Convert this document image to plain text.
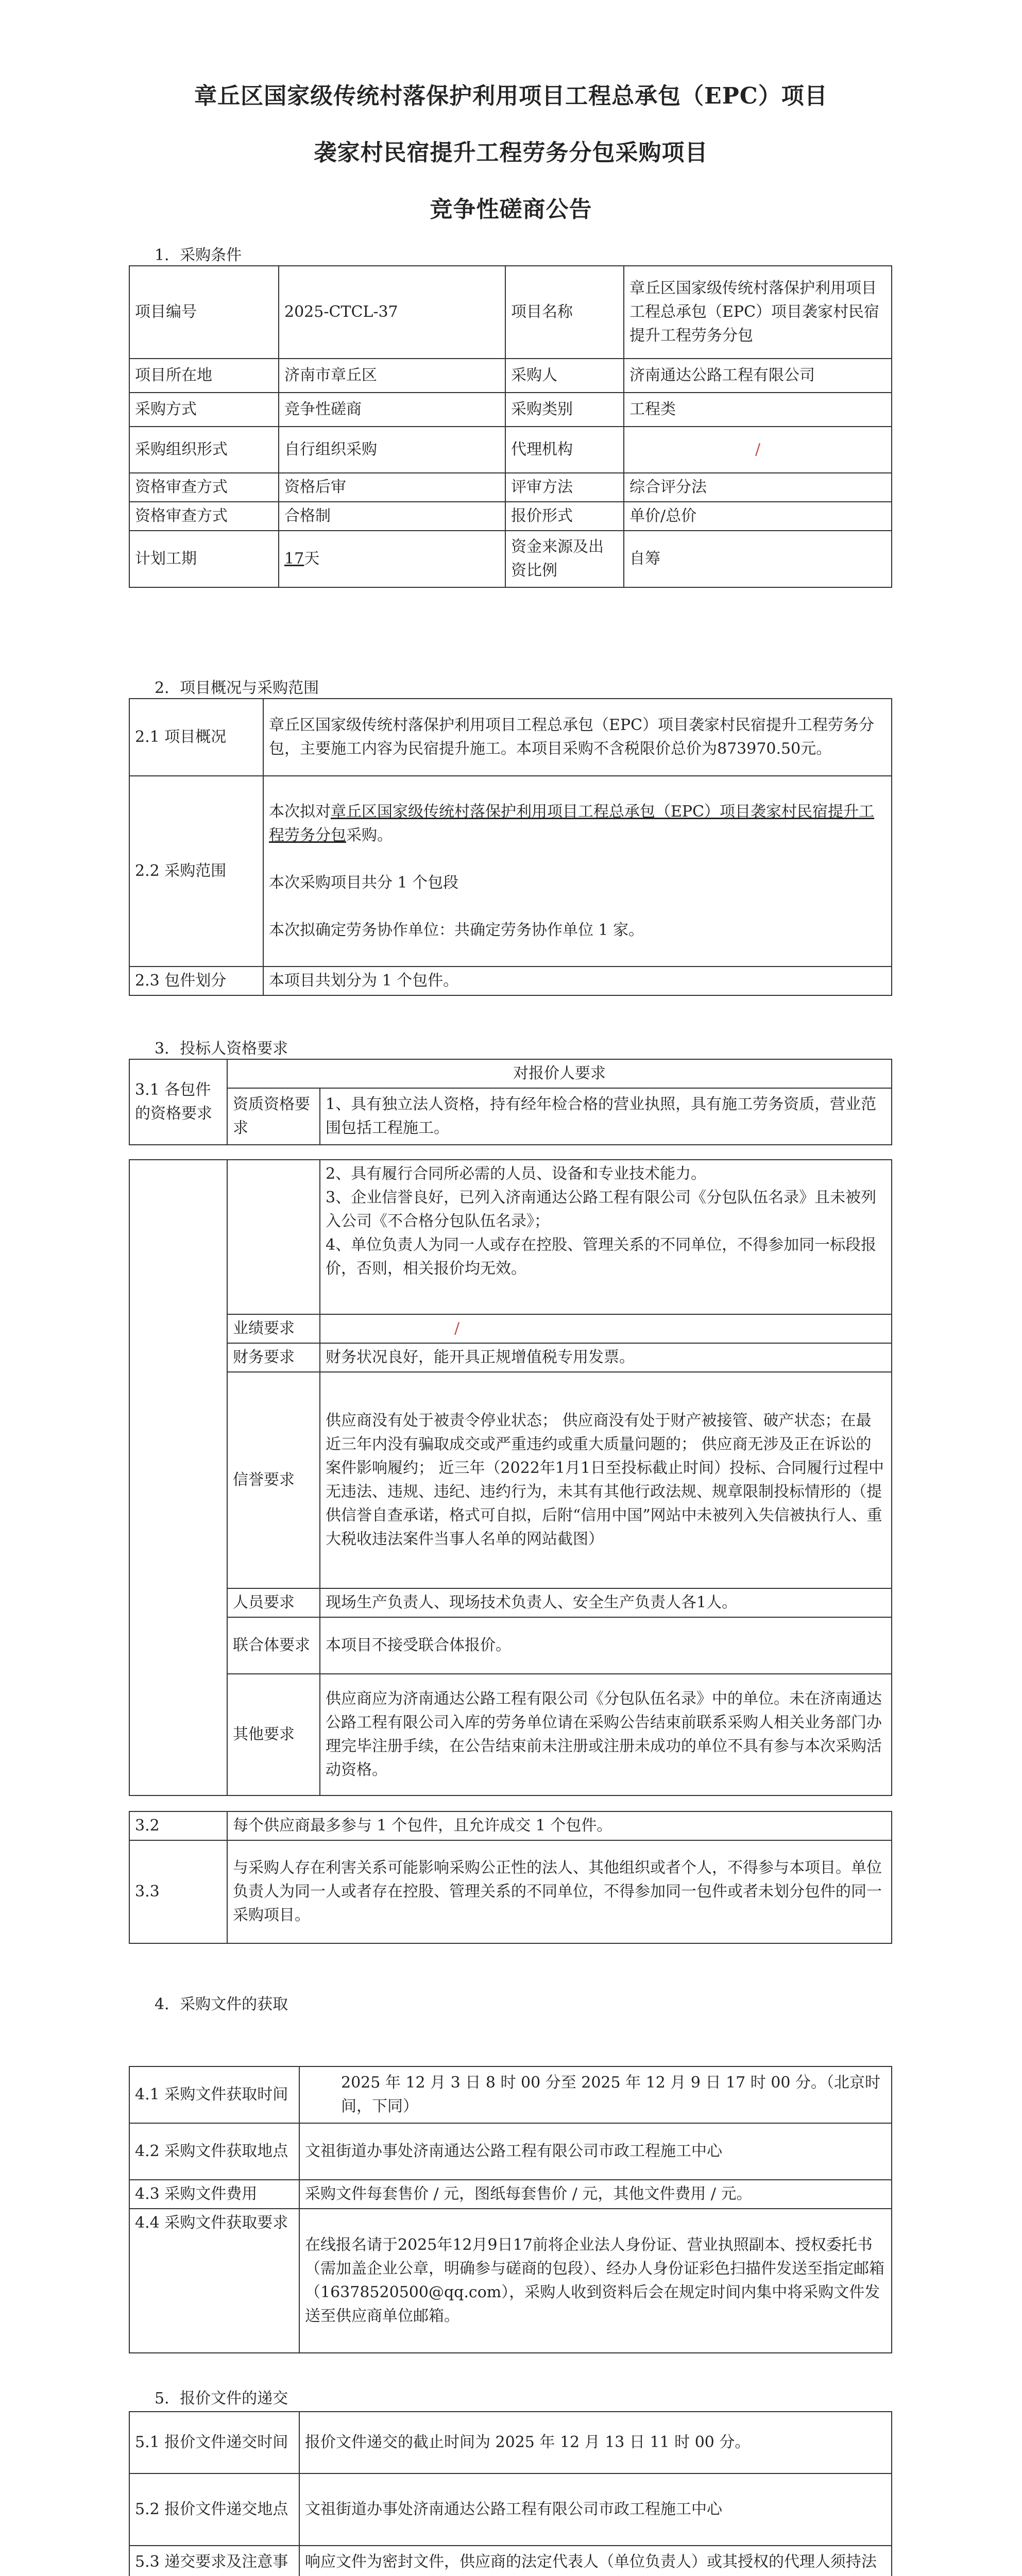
章丘区国家级传统村落保护利用项目工程总承包（EPC）项目
袭家村民宿提升工程劳务分包采购项目
竞争性磋商公告
1．采购条件
项目编号	2025-CTCL-37	项目名称	章丘区国家级传统村落保护利用项目工程总承包（EPC）项目袭家村民宿提升工程劳务分包
项目所在地	济南市章丘区	采购人	济南通达公路工程有限公司
采购方式	竞争性磋商	采购类别	工程类
采购组织形式	自行组织采购	代理机构	/
资格审查方式	资格后审	评审方法	综合评分法
资格审查方式	合格制	报价形式	单价/总价
计划工期	17天	资金来源及出资比例	自筹
2．项目概况与采购范围
2.1 项目概况	章丘区国家级传统村落保护利用项目工程总承包（EPC）项目袭家村民宿提升工程劳务分包，主要施工内容为民宿提升施工。本项目采购不含税限价总价为873970.50元。
2.2 采购范围	本次拟对章丘区国家级传统村落保护利用项目工程总承包（EPC）项目袭家村民宿提升工程劳务分包采购。
本次采购项目共分 1 个包段
本次拟确定劳务协作单位：共确定劳务协作单位 1 家。

2.3 包件划分	本项目共划分为 1 个包件。
3．投标人资格要求
3.1 各包件的资格要求	对报价人要求	
	资质资格要求	1、具有独立法人资格，持有经年检合格的营业执照，具有施工劳务资质，营业范围包括工程施工。

		2、具有履行合同所必需的人员、设备和专业技术能力。
3、企业信誉良好，已列入济南通达公路工程有限公司《分包队伍名录》且未被列入公司《不合格分包队伍名录》；
4、单位负责人为同一人或存在控股、管理关系的不同单位，不得参加同一标段报价，否则，相关报价均无效。

	业绩要求	/
	财务要求	财务状况良好，能开具正规增值税专用发票。
	信誉要求	供应商没有处于被责令停业状态； 供应商没有处于财产被接管、破产状态；在最近三年内没有骗取成交或严重违约或重大质量问题的； 供应商无涉及正在诉讼的案件影响履约； 近三年（2022年1月1日至投标截止时间）投标、合同履行过程中无违法、违规、违纪、违约行为，未其有其他行政法规、规章限制投标情形的（提供信誉自查承诺，格式可自拟，后附“信用中国”网站中未被列入失信被执行人、重大税收违法案件当事人名单的网站截图）
	人员要求	现场生产负责人、现场技术负责人、安全生产负责人各1人。
	联合体要求	本项目不接受联合体报价。
	其他要求	供应商应为济南通达公路工程有限公司《分包队伍名录》中的单位。未在济南通达公路工程有限公司入库的劳务单位请在采购公告结束前联系采购人相关业务部门办理完毕注册手续，在公告结束前未注册或注册未成功的单位不具有参与本次采购活动资格。
3.2	每个供应商最多参与 1 个包件，且允许成交 1 个包件。
3.3	与采购人存在利害关系可能影响采购公正性的法人、其他组织或者个人，不得参与本项目。单位负责人为同一人或者存在控股、管理关系的不同单位，不得参加同一包件或者未划分包件的同一采购项目。
4．采购文件的获取
4.1 采购文件获取时间	2025 年 12 月 3 日 8 时 00 分至 2025 年 12 月 9 日 17 时 00 分。（北京时间，下同）
4.2 采购文件获取地点	文祖街道办事处济南通达公路工程有限公司市政工程施工中心
4.3 采购文件费用	采购文件每套售价 / 元，图纸每套售价 / 元，其他文件费用 / 元。
4.4 采购文件获取要求	在线报名请于2025年12月9日17前将企业法人身份证、营业执照副本、授权委托书（需加盖企业公章，明确参与磋商的包段）、经办人身份证彩色扫描件发送至指定邮箱（16378520500@qq.com），采购人收到资料后会在规定时间内集中将采购文件发送至供应商单位邮箱。
5．报价文件的递交
5.1 报价文件递交时间	报价文件递交的截止时间为 2025 年 12 月 13 日 11 时 00 分。
5.2 报价文件递交地点	文祖街道办事处济南通达公路工程有限公司市政工程施工中心
5.3 递交要求及注意事	响应文件为密封文件，供应商的法定代表人（单位负责人）或其授权的代理人须持法
